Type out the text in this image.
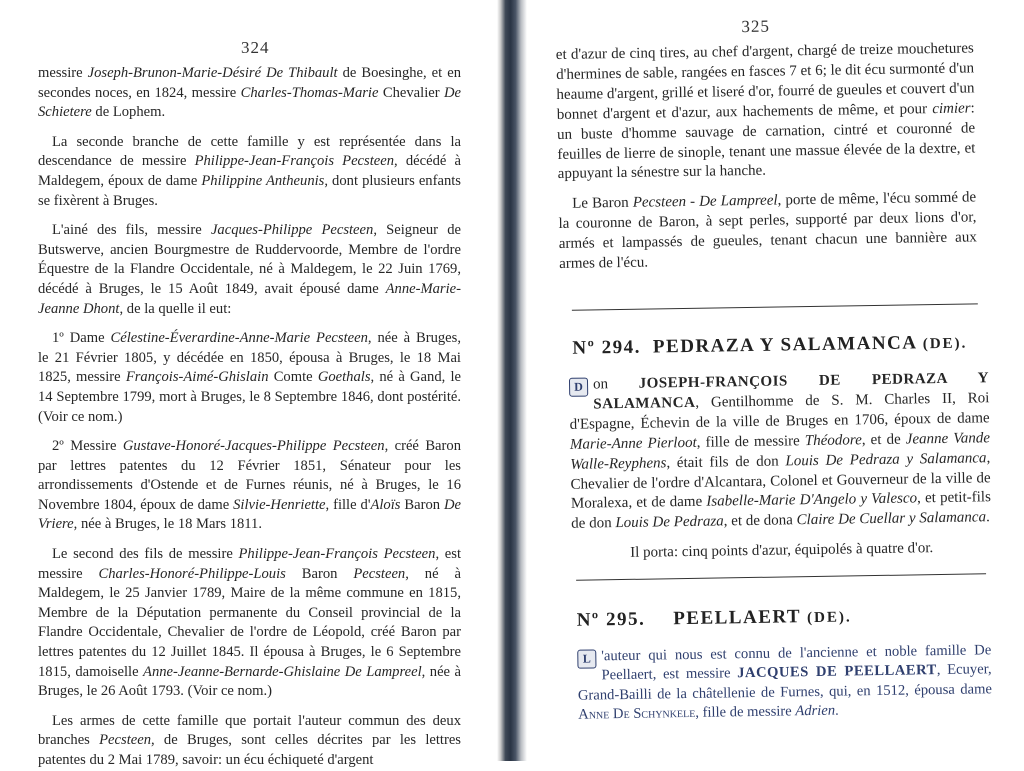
324

messire Joseph-Brunon-Marie-Désiré De Thibault de Boesinghe, et en secondes noces, en 1824, messire Charles-Thomas-Marie Chevalier De Schietere de Lophem.

La seconde branche de cette famille y est représentée dans la descendance de messire Philippe-Jean-François Pecsteen, décédé à Maldegem, époux de dame Philippine Antheunis, dont plusieurs enfants se fixèrent à Bruges.

L'ainé des fils, messire Jacques-Philippe Pecsteen, Seigneur de Butswerve, ancien Bourgmestre de Ruddervoorde, Membre de l'ordre Équestre de la Flandre Occidentale, né à Maldegem, le 22 Juin 1769, décédé à Bruges, le 15 Août 1849, avait épousé dame Anne-Marie-Jeanne Dhont, de la quelle il eut:

1º Dame Célestine-Éverardine-Anne-Marie Pecsteen, née à Bruges, le 21 Février 1805, y décédée en 1850, épousa à Bruges, le 18 Mai 1825, messire François-Aimé-Ghislain Comte Goethals, né à Gand, le 14 Septembre 1799, mort à Bruges, le 8 Septembre 1846, dont postérité. (Voir ce nom.)

2º Messire Gustave-Honoré-Jacques-Philippe Pecsteen, créé Baron par lettres patentes du 12 Février 1851, Sénateur pour les arrondissements d'Ostende et de Furnes réunis, né à Bruges, le 16 Novembre 1804, époux de dame Silvie-Henriette, fille d'Aloïs Baron De Vriere, née à Bruges, le 18 Mars 1811.

Le second des fils de messire Philippe-Jean-François Pecsteen, est messire Charles-Honoré-Philippe-Louis Baron Pecsteen, né à Maldegem, le 25 Janvier 1789, Maire de la même commune en 1815, Membre de la Députation permanente du Conseil provincial de la Flandre Occidentale, Chevalier de l'ordre de Léopold, créé Baron par lettres patentes du 12 Juillet 1845. Il épousa à Bruges, le 6 Septembre 1815, damoiselle Anne-Jeanne-Bernarde-Ghislaine De Lampreel, née à Bruges, le 26 Août 1793. (Voir ce nom.)

Les armes de cette famille que portait l'auteur commun des deux branches Pecsteen, de Bruges, sont celles décrites par les lettres patentes du 2 Mai 1789, savoir: un écu échiqueté d'argent

325

et d'azur de cinq tires, au chef d'argent, chargé de treize mouchetures d'hermines de sable, rangées en fasces 7 et 6; le dit écu surmonté d'un heaume d'argent, grillé et liseré d'or, fourré de gueules et couvert d'un bonnet d'argent et d'azur, aux hachements de même, et pour cimier: un buste d'homme sauvage de carnation, cintré et couronné de feuilles de lierre de sinople, tenant une massue élevée de la dextre, et appuyant la sénestre sur la hanche.

Le Baron Pecsteen - De Lampreel, porte de même, l'écu sommé de la couronne de Baron, à sept perles, supporté par deux lions d'or, armés et lampassés de gueules, tenant chacun une bannière aux armes de l'écu.

Nº 294. PEDRAZA Y SALAMANCA (DE).

D on JOSEPH-FRANÇOIS DE PEDRAZA Y SALAMANCA, Gentilhomme de S. M. Charles II, Roi d'Espagne, Échevin de la ville de Bruges en 1706, époux de dame Marie-Anne Pierloot, fille de messire Théodore, et de Jeanne Vande Walle-Reyphens, était fils de don Louis De Pedraza y Salamanca, Chevalier de l'ordre d'Alcantara, Colonel et Gouverneur de la ville de Moralexa, et de dame Isabelle-Marie D'Angelo y Valesco, et petit-fils de don Louis De Pedraza, et de dona Claire De Cuellar y Salamanca.

Il porta: cinq points d'azur, équipolés à quatre d'or.

Nº 295. PEELLAERT (DE).

L 'auteur qui nous est connu de l'ancienne et noble famille De Peellaert, est messire JACQUES DE PEELLAERT, Ecuyer, Grand-Bailli de la châtellenie de Furnes, qui, en 1512, épousa dame Anne De Schynkele, fille de messire Adrien.
